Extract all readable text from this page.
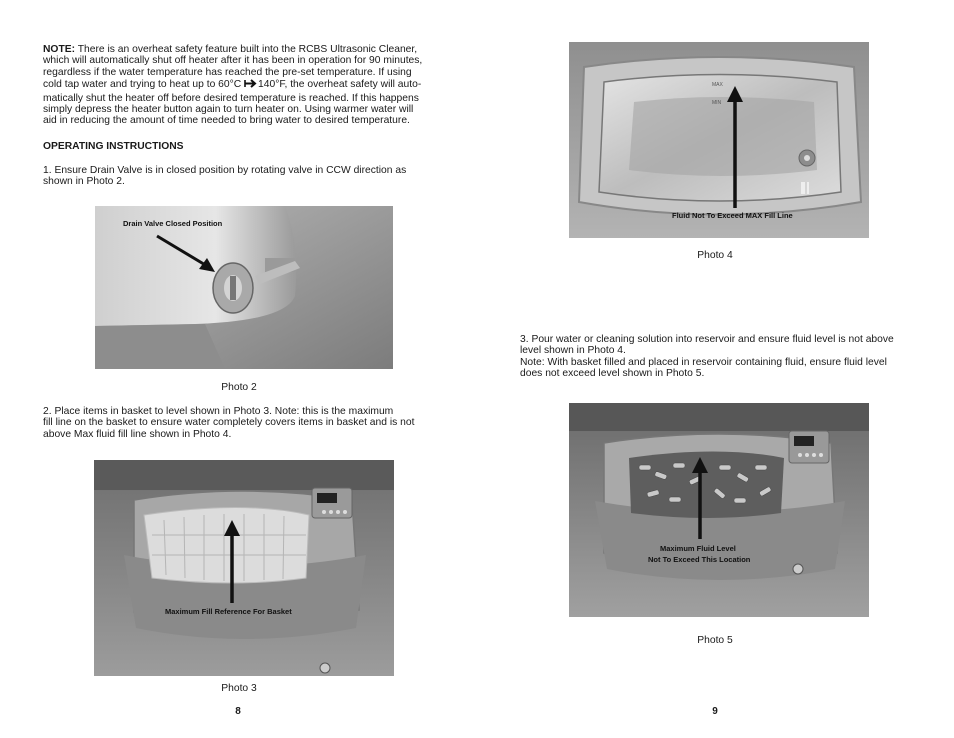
NOTE: There is an overheat safety feature built into the RCBS Ultrasonic Cleaner,
which will automatically shut off heater after it has been in operation for 90 minutes,
regardless if the water temperature has reached the pre-set temperature. If using
cold tap water and trying to heat up to 60°C 140°F, the overheat safety will auto-
matically shut the heater off before desired temperature is reached. If this happens
simply depress the heater button again to turn heater on. Using warmer water will
aid in reducing the amount of time needed to bring water to desired temperature.
OPERATING INSTRUCTIONS
1. Ensure Drain Valve is in closed position by rotating valve in CCW direction as
shown in Photo 2.
Drain Valve Closed Position
Photo 2
2. Place items in basket to level shown in Photo 3. Note: this is the maximum
fill line on the basket to ensure water completely covers items in basket and is not
above Max fluid fill line shown in Photo 4.
Maximum Fill Reference For Basket
Photo 3
8
MAX
MIN
Fluid Not To Exceed MAX Fill Line
Photo 4
3. Pour water or cleaning solution into reservoir and ensure fluid level is not above
level shown in Photo 4.
Note: With basket filled and placed in reservoir containing fluid, ensure fluid level
does not exceed level shown in Photo 5.
Maximum Fluid Level
Not To Exceed This Location
Photo 5
9
